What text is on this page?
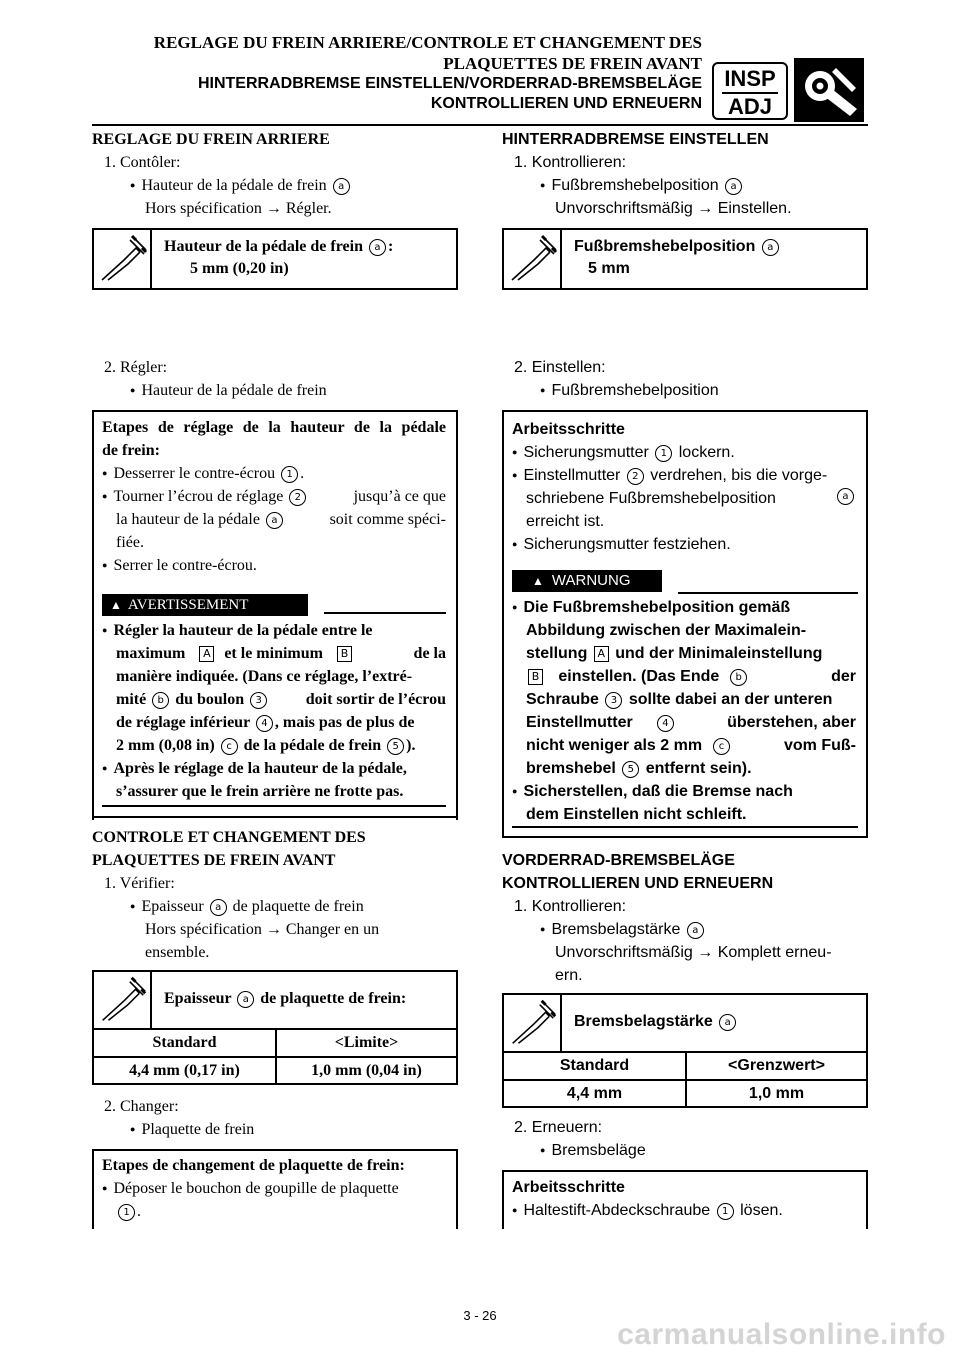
REGLAGE DU FREIN ARRIERE/CONTROLE ET CHANGEMENT DES
PLAQUETTES DE FREIN AVANT
HINTERRADBREMSE EINSTELLEN/VORDERRAD-BREMSBELÄGE
KONTROLLIEREN UND ERNEUERN
INSP
ADJ
REGLAGE DU FREIN ARRIERE
1. Contôler:
● Hauteur de la pédale de frein a
Hors spécification → Régler.
Hauteur de la pédale de frein a :
5 mm (0,20 in)
2. Régler:
● Hauteur de la pédale de frein
Etapes de réglage de la hauteur de la pédale
de frein:
● Desserrer le contre-écrou 1 .
● Tourner l’écrou de réglage 2	jusqu’à ce que
la hauteur de la pédale a	soit comme spéci-
fiée.
● Serrer le contre-écrou.
▲ AVERTISSEMENT
● Régler la hauteur de la pédale entre le
maximum A et le minimum B	de la
manière indiquée. (Dans ce réglage, l’extré-
mité b du boulon 3	doit sortir de l’écrou
de réglage inférieur 4 , mais pas de plus de
2 mm (0,08 in) c de la pédale de frein 5 ).
● Après le réglage de la hauteur de la pédale,
s’assurer que le frein arrière ne frotte pas.
CONTROLE ET CHANGEMENT DES
PLAQUETTES DE FREIN AVANT
1. Vérifier:
● Epaisseur a de plaquette de frein
Hors spécification → Changer en un
ensemble.
Epaisseur a de plaquette de frein:
Standard	<Limite>
4,4 mm (0,17 in)	1,0 mm (0,04 in)
2. Changer:
● Plaquette de frein
Etapes de changement de plaquette de frein:
● Déposer le bouchon de goupille de plaquette
1 .
HINTERRADBREMSE EINSTELLEN
1. Kontrollieren:
● Fußbremshebelposition a
Unvorschriftsmäßig → Einstellen.
Fußbremshebelposition a
5 mm
2. Einstellen:
● Fußbremshebelposition
Arbeitsschritte
● Sicherungsmutter 1 lockern.
● Einstellmutter 2 verdrehen, bis die vorge-
schriebene Fußbremshebelposition	a
erreicht ist.
● Sicherungsmutter festziehen.
▲ WARNUNG
● Die Fußbremshebelposition gemäß
Abbildung zwischen der Maximalein-
stellung A und der Minimaleinstellung
B einstellen. (Das Ende b	der
Schraube 3 sollte dabei an der unteren
Einstellmutter	4	überstehen, aber
nicht weniger als 2 mm c	vom Fuß-
bremshebel 5 entfernt sein).
● Sicherstellen, daß die Bremse nach
dem Einstellen nicht schleift.
VORDERRAD-BREMSBELÄGE
KONTROLLIEREN UND ERNEUERN
1. Kontrollieren:
● Bremsbelagstärke a
Unvorschriftsmäßig → Komplett erneu-
ern.
Bremsbelagstärke a
Standard	<Grenzwert>
4,4 mm	1,0 mm
2. Erneuern:
● Bremsbeläge
Arbeitsschritte
● Haltestift-Abdeckschraube 1 lösen.
3 - 26
carmanualsonline.info
